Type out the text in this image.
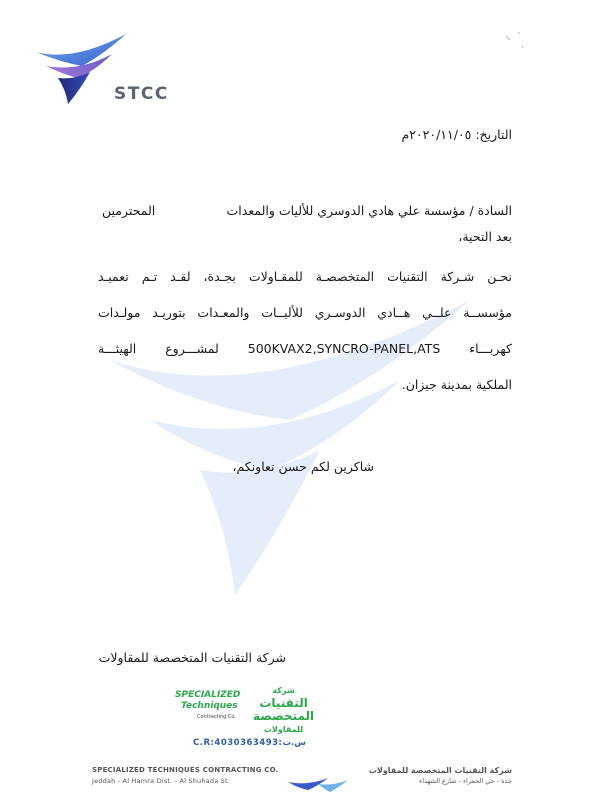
STCC
التاريخ: ٢٠٢٠/١١/٠٥م
السادة / مؤسسة علي هادي الدوسري للأليات والمعدات
المحترمين
بعد التحية،
نحـن شـركة التقنيات المتخصصـة للمقـاولات بجـدة، لقـد تـم تعميـد
مؤسســة علــي هــادي الدوسـري للأليــات والمعـدات بتوريـد مولـدات
كهربـــاء 500KVAX2,SYNCRO-PANEL,ATS لمشـــروع الهيئـــة
الملكية بمدينة جيزان.
شاكرين لكم حسن تعاونكم،
شركة التقنيات المتخصصة للمقاولات
SPECIALIZED
Techniques
Contracting Co.
شركة
التقنيات
المتخصصة
للمقاولات
C.R:4030363493:س.ت
SPECIALIZED TECHNIQUES CONTRACTING CO.
Jeddah - Al Hamra Dist. - Al Shuhada St.
شركة التقنيات المتخصصة للمقاولات
جدة - حي الحمراء - شارع الشهداء
